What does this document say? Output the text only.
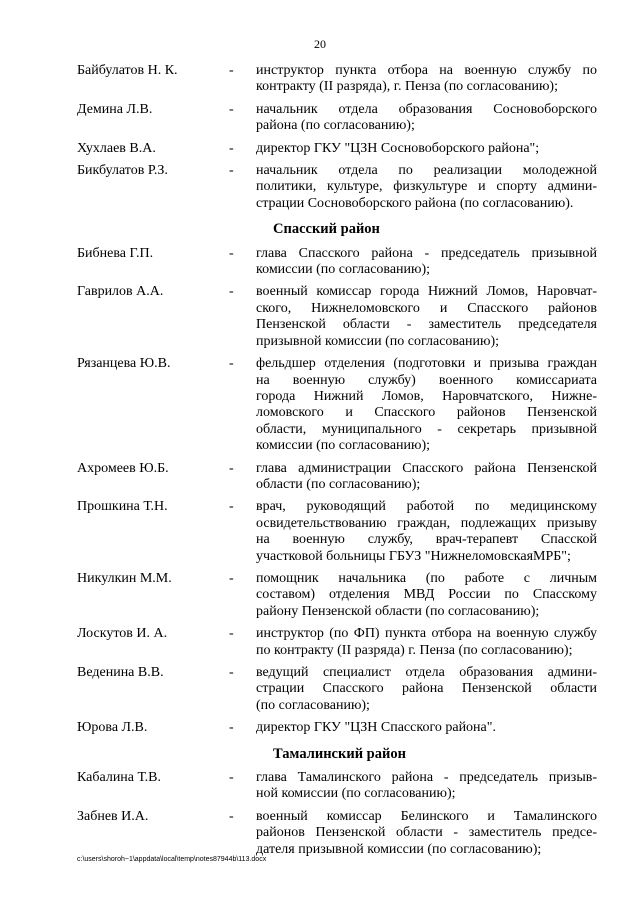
20
Байбулатов Н. К.	-	инструктор пункта отбора на военную службу по
контракту (II разряда), г. Пенза (по согласованию);
Демина Л.В.	-	начальник отдела образования Сосновоборского
района (по согласованию);
Хухлаев В.А.	-	директор ГКУ "ЦЗН Сосновоборского района";
Бикбулатов Р.З.	-	начальник отдела по реализации молодежной
политики, культуре, физкультуре и спорту админи-
страции Сосновоборского района (по согласованию).
Спасский район
Бибнева Г.П.	-	глава Спасского района - председатель призывной
комиссии (по согласованию);
Гаврилов А.А.	-	военный комиссар города Нижний Ломов, Наровчат-
ского, Нижнеломовского и Спасского районов
Пензенской области - заместитель председателя
призывной комиссии (по согласованию);
Рязанцева Ю.В.	-	фельдшер отделения (подготовки и призыва граждан
на военную службу) военного комиссариата
города Нижний Ломов, Наровчатского, Нижне-
ломовского и Спасского районов Пензенской
области, муниципального - секретарь призывной
комиссии (по согласованию);
Ахромеев Ю.Б.	-	глава администрации Спасского района Пензенской
области (по согласованию);
Прошкина Т.Н.	-	врач, руководящий работой по медицинскому
освидетельствованию граждан, подлежащих призыву
на военную службу, врач-терапевт Спасской
участковой больницы ГБУЗ "НижнеломовскаяМРБ";
Никулкин М.М.	-	помощник начальника (по работе с личным
составом) отделения МВД России по Спасскому
району Пензенской области (по согласованию);
Лоскутов И. А.	-	инструктор (по ФП) пункта отбора на военную службу
по контракту (II разряда) г. Пенза (по согласованию);
Веденина В.В.	-	ведущий специалист отдела образования админи-
страции Спасского района Пензенской области
(по согласованию);
Юрова Л.В.	-	директор ГКУ "ЦЗН Спасского района".
Тамалинский район
Кабалина Т.В.	-	глава Тамалинского района - председатель призыв-
ной комиссии (по согласованию);
Забнев И.А.	-	военный комиссар Белинского и Тамалинского
районов Пензенской области - заместитель предсе-
дателя призывной комиссии (по согласованию);
c:\users\shoroh~1\appdata\local\temp\notes87944b\113.docx
